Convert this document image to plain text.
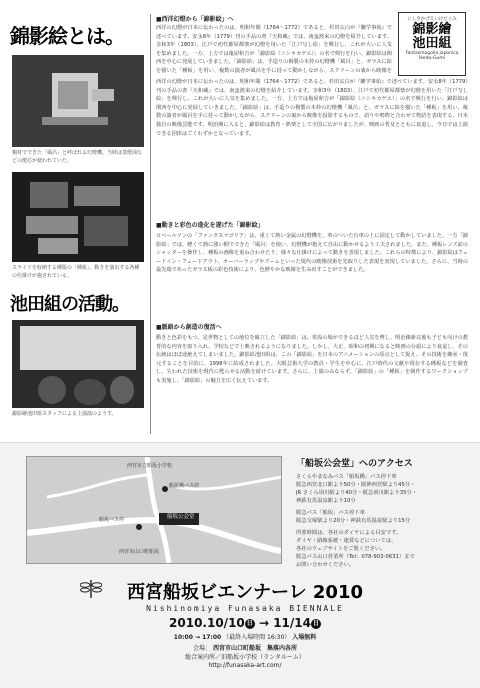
錦影絵とは。
桐材でできた「風呂」と呼ばれる幻燈機。当時は蒸燈油などの燈芯が使われていた。
スライドを収納する種版の「種板」。動きを演出する各種の仕掛けが施されている。
池田組の活動。
錦影繪池田組スタッフによる上演演のようす。
にしきかげえいけだぐみ
錦影繪
池田組
Fantasmagolia japonica
Ikeda-Gumi
■西洋幻燈から「錦影絵」へ
西洋の幻燈が日本に伝わったのは、明和年間（1764〜1772）であると、杉田玄白が『蘭学事始』で述べています。安永8年（1779）刊の手品の書『天和蔵』では、南蛮渡来の幻燈を紹介しています。享和3年（1803）、江戸で初代都屋都楽が幻燈を用いた「江戸写し絵」を興行し、これが大いに人気を集めました。一方、上方では亀屋和吉が「錦影絵（ニシキカゲエ）」の名で興行を行い、錦影絵は関西を中心に発展していきました。「錦影絵」は、手造りの桐製の木枠の幻燈機「風呂」と、ガラスに絵を描いた「種板」を用い、複数の演者が風呂を手に持って動かしながら、スクリーンの裏から映像を
西洋の幻燈が日本に伝わったのは、明和年間（1764〜1772）であると、杉田玄白が『蘭学事始』で述べています。安永8年（1779）刊の手品の書『天和蔵』では、南蛮渡来の幻燈を紹介しています。享和3年（1803）、江戸で初代都屋都楽が幻燈を用いた「江戸写し絵」を興行し、これが大いに人気を集めました。一方、上方では亀屋和吉が「錦影絵（ニシキカゲエ）」の名で興行を行い、錦影絵は関西を中心に発展していきました。「錦影絵」は、手造りの桐製の木枠の幻燈機「風呂」と、ガラスに絵を描いた「種板」を用い、複数の演者が風呂を手に持って動かしながら、スクリーンの裏から映像を投影するもので、語りや鳴物と合わせて物語を表現する、日本独自の映像芸能です。明治期に入ると、錦影絵は教育・娯楽として全国に広がりましたが、映画の普及とともに衰退し、今日では上演できる団体はごくわずかとなっています。
■動きと彩色の進化を遂げた「錦影絵」
ロベールソンの「ファンタスマゴリア」は、重くて熱い金属の幻燈機を、車のついた台車の上に固定して動かしていました。一方「錦影絵」では、軽くて熱に強い桐でできた「風呂」を使い、幻燈機が抱えて自由に動かせるよう工夫されました。また、種板レンズ前のシャッターを操作し、種板の画像を重ね合わせたり、様々な仕掛けによって動きを表現しました。これらの特徴により、錦影絵はフェードイン・フェードアウト、オーバーラップやズームといった現代の映像技術を先取りした表現を実現していました。さらに、当時の最先端であったガラス板の彩色技術により、色鮮やかな映像を生み出すことができました。
■脈絡から創造の復活へ
動きと色彩をもつ、見世物としての地位を確立した「錦影絵」は、常設の場ができるほど人気を博し、明治維新以後も子ども向けの教育的な内容を取り入れ、学校などで上映されるようになりました。しかし、大正、昭和の初期になると映画の台頭により衰退し、その伝統はほぼ途絶えてしまいました。錦影絵池田組は、この「錦影絵」を日本のアニメーションの原点として捉え、その技術を継承・復元することを目的に、1998年に結成されました。大阪芸術大学の教員・学生を中心に、江戸時代の文献や現存する種板などを調査し、失われた技術を現代に甦らせる活動を続けています。さらに、上演のみならず、「錦影絵」の「種板」を制作するワークショップも実施し、「錦影絵」の魅力を広く伝えています。
船坂公会堂
船坂橋バス停
船坂バス停
西宮市立船坂小学校
西宮市山口町船坂
「船坂公会堂」へのアクセス
さくらやまなみバス「船坂橋」バス停下車
阪急西宮北口駅より50分・阪神西宮駅より45分・
JR さくら夙川駅より40分・阪急夙川駅より35分・
神鉄有馬温泉駅より10分
阪急バス「船坂」バス停下車
阪急宝塚駅より20分・神鉄有馬温泉駅より15分
所要時間は、各社のダイヤによる目安です。
ダイヤ・路線系統・運賃などについては、
各社のウェブサイトをご覧ください。
阪急バス山口営業所（Tel：078-903-0631）まで
お問い合わせください。
西宮船坂ビエンナーレ 2010
Nishinomiya Funasaka BIENNALE
2010.10/10 日 → 11/14 日
10:00 → 17:00 （最終入場時間 16:30） 入場無料
会場： 西宮市山口町船坂　集落内各所
総合案内所／旧船坂小学校（ランタルーム）
http://funasaka-art.com/
